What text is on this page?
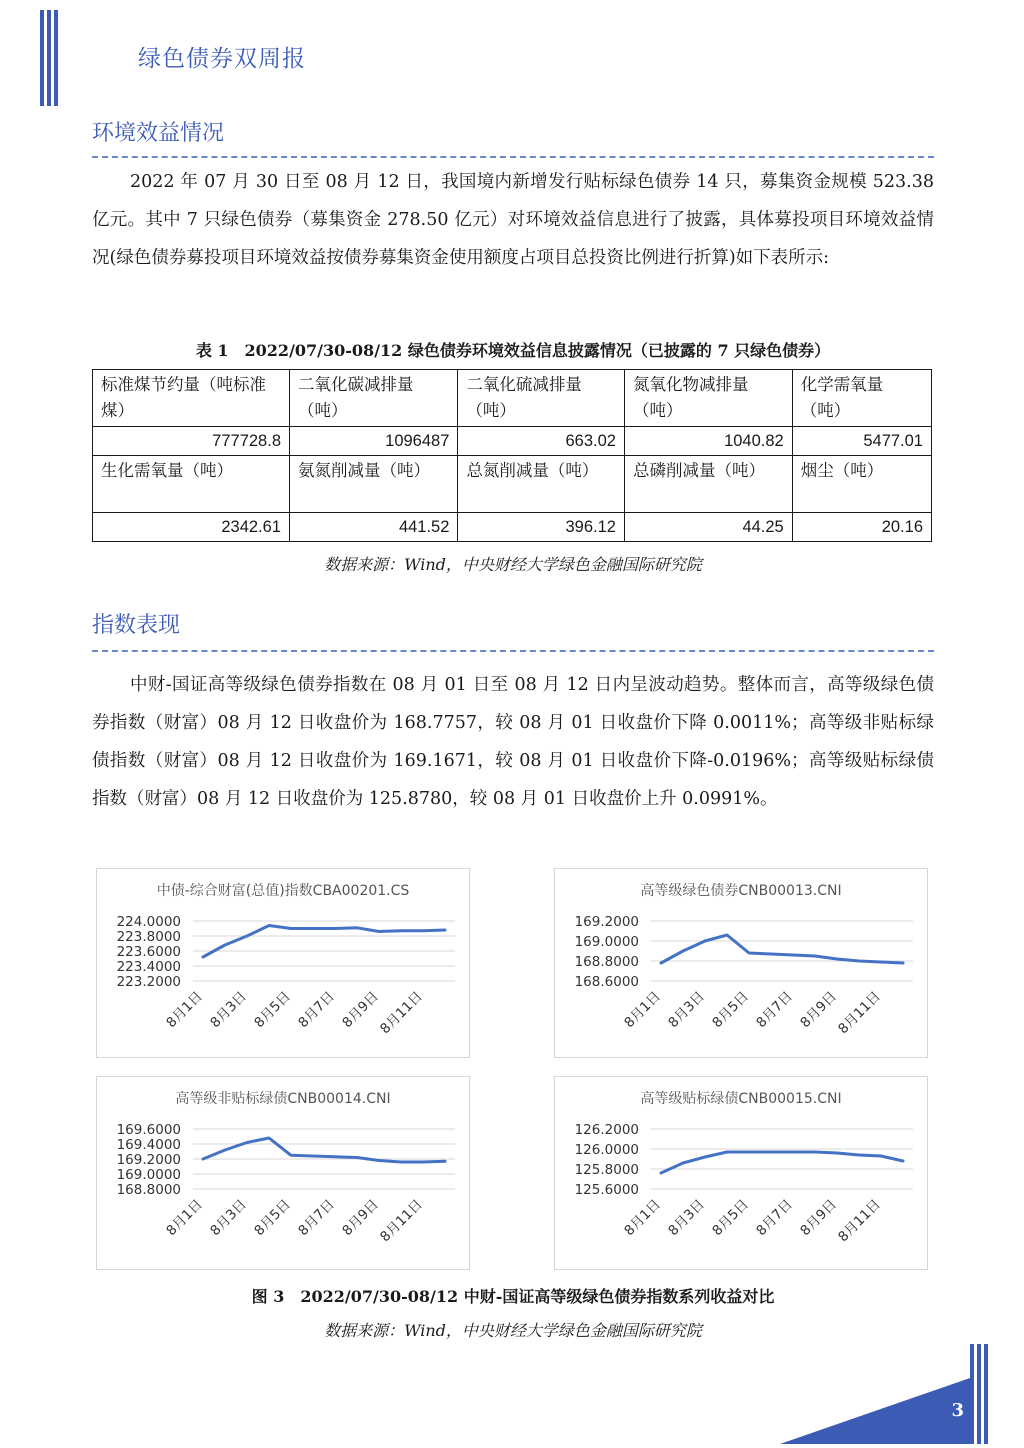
绿色债券双周报
环境效益情况

2022 年 07 月 30 日至 08 月 12 日，我国境内新增发行贴标绿色债券 14 只，募集资金规模 523.38 亿元。其中 7 只绿色债券（募集资金 278.50 亿元）对环境效益信息进行了披露，具体募投项目环境效益情况(绿色债券募投项目环境效益按债券募集资金使用额度占项目总投资比例进行折算)如下表所示:

表 1　2022/07/30-08/12 绿色债券环境效益信息披露情况（已披露的 7 只绿色债券）
标准煤节约量（吨标准煤）	二氧化碳减排量（吨）	二氧化硫减排量（吨）	氮氧化物减排量（吨）	化学需氧量（吨）
777728.8	1096487	663.02	1040.82	5477.01
生化需氧量（吨）	氨氮削减量（吨）	总氮削减量（吨）	总磷削减量（吨）	烟尘（吨）
2342.61	441.52	396.12	44.25	20.16
数据来源：Wind，中央财经大学绿色金融国际研究院
指数表现

中财-国证高等级绿色债券指数在 08 月 01 日至 08 月 12 日内呈波动趋势。整体而言，高等级绿色债券指数（财富）08 月 12 日收盘价为 168.7757，较 08 月 01 日收盘价下降 0.0011%；高等级非贴标绿债指数（财富）08 月 12 日收盘价为 169.1671，较 08 月 01 日收盘价下降-0.0196%；高等级贴标绿债指数（财富）08 月 12 日收盘价为 125.8780，较 08 月 01 日收盘价上升 0.0991%。

中债-综合财富(总值)指数CBA00201.CS
224.0000
223.8000
223.6000
223.4000
223.2000
8月1日 8月3日 8月5日 8月7日 8月9日
8月11日
高等级绿色债券CNB00013.CNI
169.2000
169.0000
168.8000
168.6000
8月1日 8月3日 8月5日 8月7日 8月9日
8月11日
高等级非贴标绿债CNB00014.CNI
169.6000
169.4000
169.2000
169.0000
168.8000
8月1日 8月3日 8月5日 8月7日 8月9日
8月11日
高等级贴标绿债CNB00015.CNI
126.2000
126.0000
125.8000
125.6000
8月1日 8月3日 8月5日 8月7日 8月9日
8月11日
图 3　2022/07/30-08/12 中财-国证高等级绿色债券指数系列收益对比
数据来源：Wind，中央财经大学绿色金融国际研究院
3
